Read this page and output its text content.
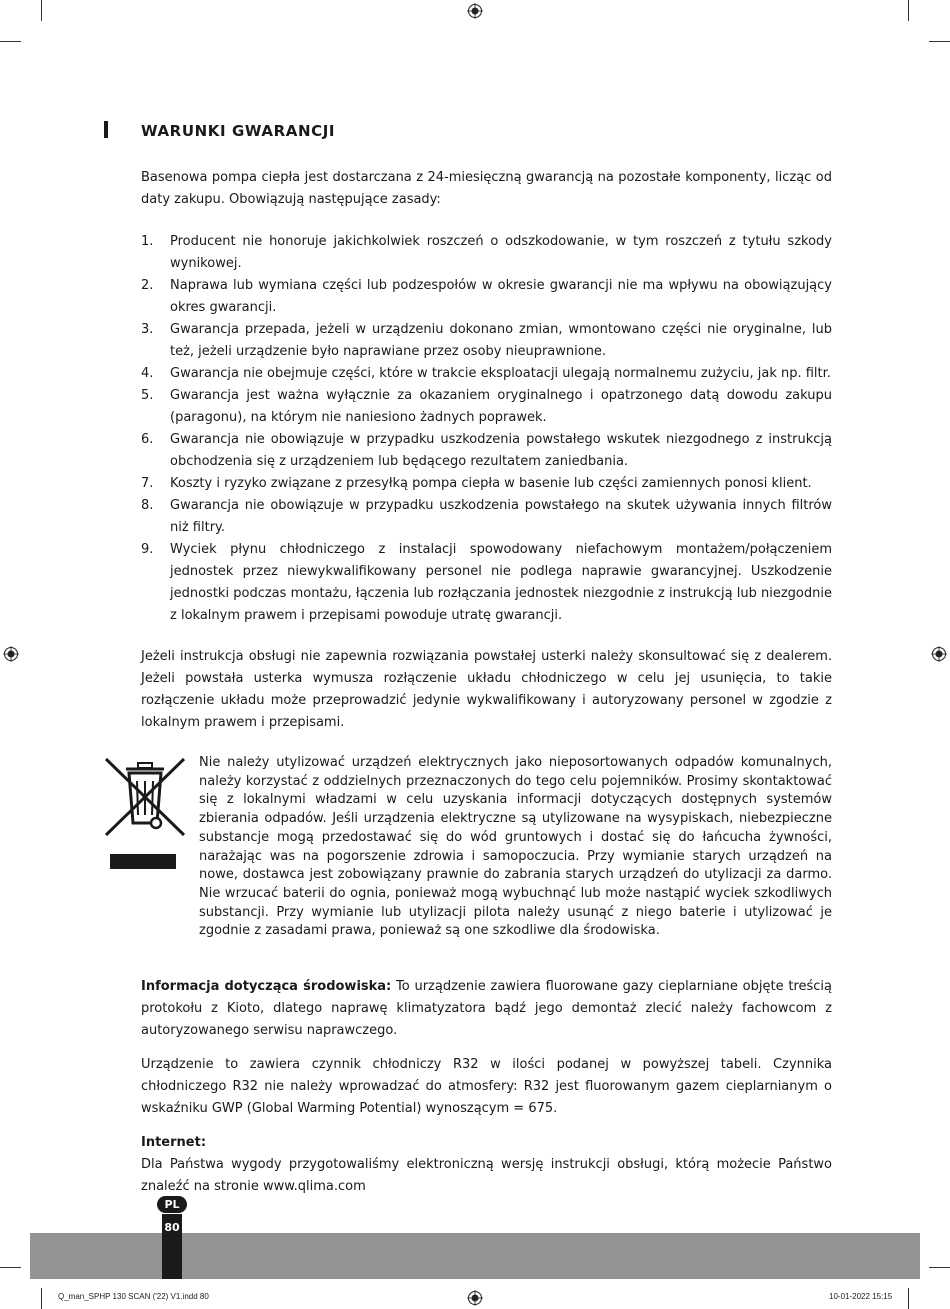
WARUNKI GWARANCJI

Basenowa pompa ciepła jest dostarczana z 24-miesięczną gwarancją na pozostałe komponenty, licząc od daty zakupu. Obowiązują następujące zasady:

1. Producent nie honoruje jakichkolwiek roszczeń o odszkodowanie, w tym roszczeń z tytułu szkody wynikowej.
2. Naprawa lub wymiana części lub podzespołów w okresie gwarancji nie ma wpływu na obowiązujący okres gwarancji.
3. Gwarancja przepada, jeżeli w urządzeniu dokonano zmian, wmontowano części nie oryginalne, lub też, jeżeli urządzenie było naprawiane przez osoby nieuprawnione.
4. Gwarancja nie obejmuje części, które w trakcie eksploatacji ulegają normalnemu zużyciu, jak np. filtr.
5. Gwarancja jest ważna wyłącznie za okazaniem oryginalnego i opatrzonego datą dowodu zakupu (paragonu), na którym nie naniesiono żadnych poprawek.
6. Gwarancja nie obowiązuje w przypadku uszkodzenia powstałego wskutek niezgodnego z instrukcją obchodzenia się z urządzeniem lub będącego rezultatem zaniedbania.
7. Koszty i ryzyko związane z przesyłką pompa ciepła w basenie lub części zamiennych ponosi klient.
8. Gwarancja nie obowiązuje w przypadku uszkodzenia powstałego na skutek używania innych filtrów niż filtry.
9. Wyciek płynu chłodniczego z instalacji spowodowany niefachowym montażem/połączeniem jednostek przez niewykwalifikowany personel nie podlega naprawie gwarancyjnej. Uszkodzenie jednostki podczas montażu, łączenia lub rozłączania jednostek niezgodnie z instrukcją lub niezgodnie z lokalnym prawem i przepisami powoduje utratę gwarancji.

Jeżeli instrukcja obsługi nie zapewnia rozwiązania powstałej usterki należy skonsultować się z dealerem. Jeżeli powstała usterka wymusza rozłączenie układu chłodniczego w celu jej usunięcia, to takie rozłączenie układu może przeprowadzić jedynie wykwalifikowany i autoryzowany personel w zgodzie z lokalnym prawem i przepisami.

Nie należy utylizować urządzeń elektrycznych jako nieposortowanych odpadów komunalnych, należy korzystać z oddzielnych przeznaczonych do tego celu pojemników. Prosimy skontaktować się z lokalnymi władzami w celu uzyskania informacji dotyczących dostępnych systemów zbierania odpadów. Jeśli urządzenia elektryczne są utylizowane na wysypiskach, niebezpieczne substancje mogą przedostawać się do wód gruntowych i dostać się do łańcucha żywności, narażając was na pogorszenie zdrowia i samopoczucia. Przy wymianie starych urządzeń na nowe, dostawca jest zobowiązany prawnie do zabrania starych urządzeń do utylizacji za darmo. Nie wrzucać baterii do ognia, ponieważ mogą wybuchnąć lub może nastąpić wyciek szkodliwych substancji. Przy wymianie lub utylizacji pilota należy usunąć z niego baterie i utylizować je zgodnie z zasadami prawa, ponieważ są one szkodliwe dla środowiska.

Informacja dotycząca środowiska: To urządzenie zawiera fluorowane gazy cieplarniane objęte treścią protokołu z Kioto, dlatego naprawę klimatyzatora bądź jego demontaż zlecić należy fachowcom z autoryzowanego serwisu naprawczego.

Urządzenie to zawiera czynnik chłodniczy R32 w ilości podanej w powyższej tabeli. Czynnika chłodniczego R32 nie należy wprowadzać do atmosfery: R32 jest fluorowanym gazem cieplarnianym o wskaźniku GWP (Global Warming Potential) wynoszącym = 675.

Internet:
Dla Państwa wygody przygotowaliśmy elektroniczną wersję instrukcji obsługi, którą możecie Państwo znaleźć na stronie www.qlima.com

PL
80
Q_man_SPHP 130 SCAN ('22) V1.indd 80	10-01-2022 15:15
